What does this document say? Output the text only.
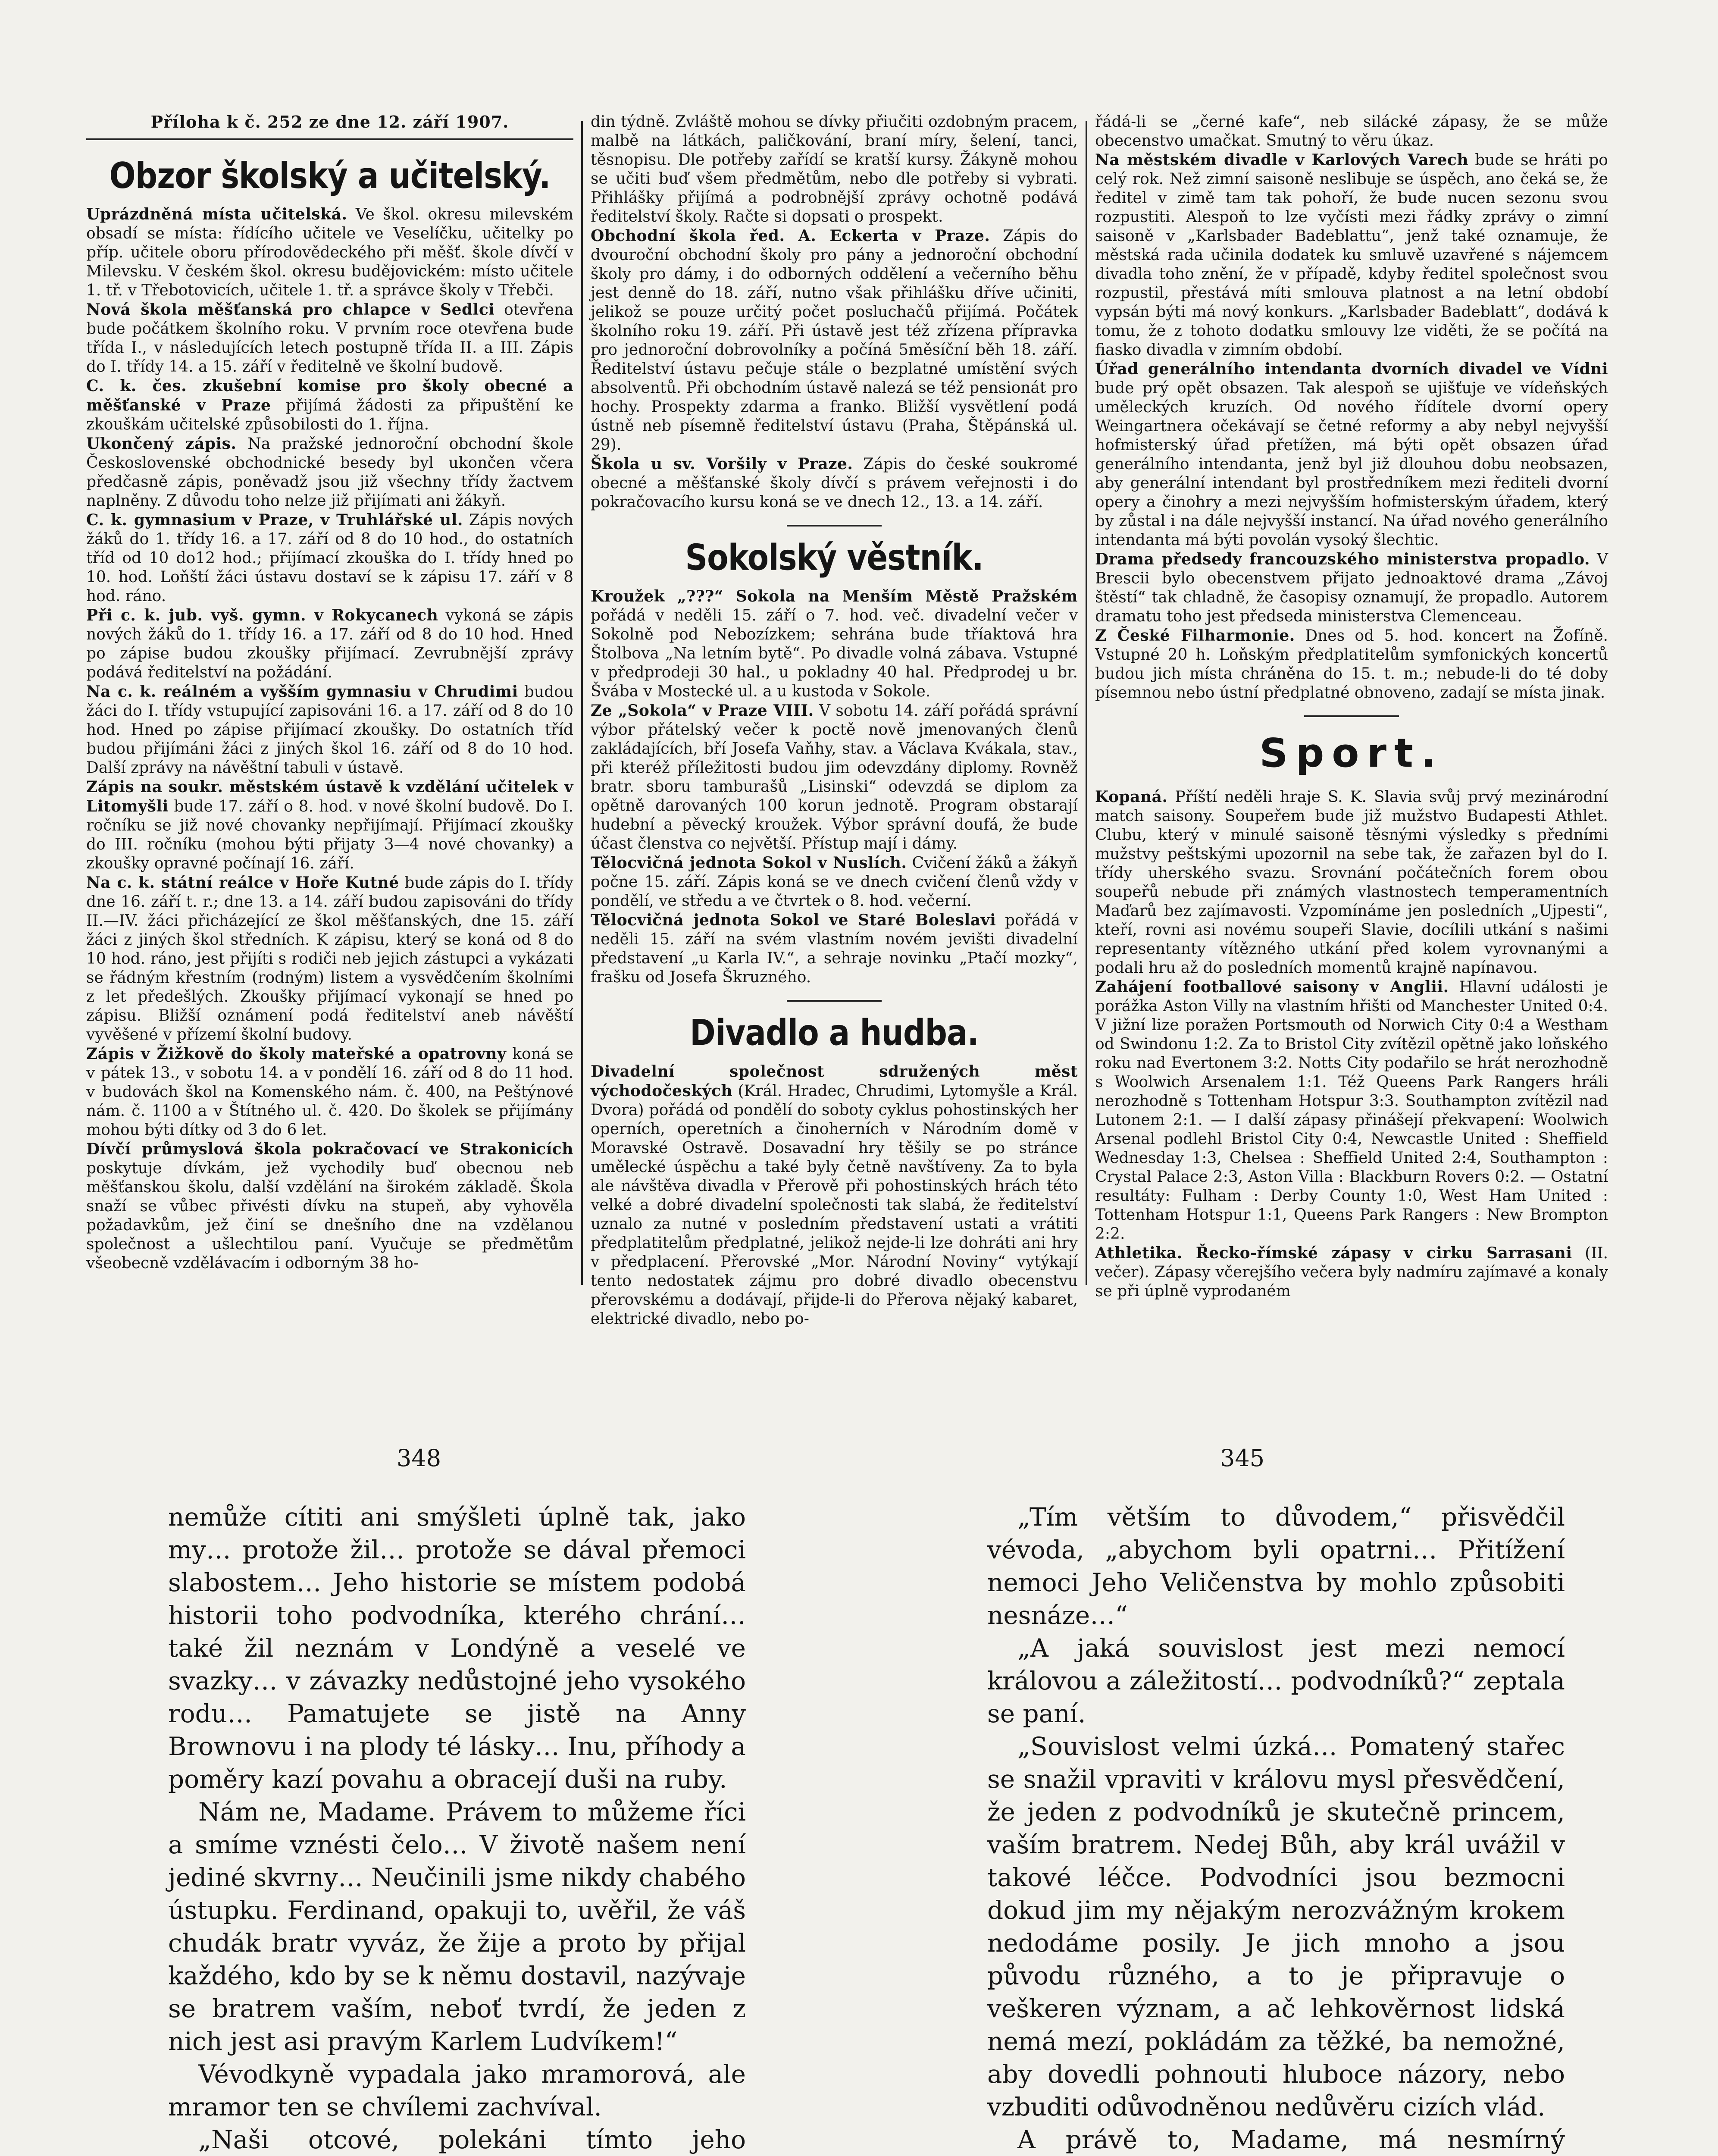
Příloha k č. 252 ze dne 12. září 1907.
Obzor školský a učitelský.

Uprázdněná místa učitelská. Ve škol. okresu milevském obsadí se místa: řídícího učitele ve Veselíčku, učitelky po příp. učitele oboru přírodovědeckého při měšť. škole dívčí v Milevsku. V českém škol. okresu budějovickém: místo učitele 1. tř. v Třebotovicích, učitele 1. tř. a správce školy v Třebči.

Nová škola měšťanská pro chlapce v Sedlci otevřena bude počátkem školního roku. V prvním roce otevřena bude třída I., v následujících letech postupně třída II. a III. Zápis do I. třídy 14. a 15. září v ředitelně ve školní budově.

C. k. čes. zkušební komise pro školy obecné a měšťanské v Praze přijímá žádosti za připuštění ke zkouškám učitelské způsobilosti do 1. října.

Ukončený zápis. Na pražské jednoroční obchodní škole Československé obchodnické besedy byl ukončen včera předčasně zápis, poněvadž jsou již všechny třídy žactvem naplněny. Z důvodu toho nelze již přijímati ani žákyň.

C. k. gymnasium v Praze, v Truhlářské ul. Zápis nových žáků do 1. třídy 16. a 17. září od 8 do 10 hod., do ostatních tříd od 10 do12 hod.; přijímací zkouška do I. třídy hned po 10. hod. Loňští žáci ústavu dostaví se k zápisu 17. září v 8 hod. ráno.

Při c. k. jub. vyš. gymn. v Rokycanech vykoná se zápis nových žáků do 1. třídy 16. a 17. září od 8 do 10 hod. Hned po zápise budou zkoušky přijímací. Zevrubnější zprávy podává ředitelství na požádání.

Na c. k. reálném a vyšším gymnasiu v Chrudimi budou žáci do I. třídy vstupující zapisováni 16. a 17. září od 8 do 10 hod. Hned po zápise přijímací zkoušky. Do ostatních tříd budou přijímáni žáci z jiných škol 16. září od 8 do 10 hod. Další zprávy na návěštní tabuli v ústavě.

Zápis na soukr. městském ústavě k vzdělání učitelek v Litomyšli bude 17. září o 8. hod. v nové školní budově. Do I. ročníku se již nové chovanky nepřijímají. Přijímací zkoušky do III. ročníku (mohou býti přijaty 3—4 nové chovanky) a zkoušky opravné počínají 16. září.

Na c. k. státní reálce v Hoře Kutné bude zápis do I. třídy dne 16. září t. r.; dne 13. a 14. září budou zapisováni do třídy II.—IV. žáci přicházející ze škol měšťanských, dne 15. září žáci z jiných škol středních. K zápisu, který se koná od 8 do 10 hod. ráno, jest přijíti s rodiči neb jejich zástupci a vykázati se řádným křestním (rodným) listem a vysvědčením školními z let předešlých. Zkoušky přijímací vykonají se hned po zápisu. Bližší oznámení podá ředitelství aneb návěští vyvěšené v přízemí školní budovy.

Zápis v Žižkově do školy mateřské a opatrovny koná se v pátek 13., v sobotu 14. a v pondělí 16. září od 8 do 11 hod. v budovách škol na Komenského nám. č. 400, na Peštýnové nám. č. 1100 a v Štítného ul. č. 420. Do školek se přijímány mohou býti dítky od 3 do 6 let.

Dívčí průmyslová škola pokračovací ve Strakonicích poskytuje dívkám, jež vychodily buď obecnou neb měšťanskou školu, další vzdělání na širokém základě. Škola snaží se vůbec přivésti dívku na stupeň, aby vyhověla požadavkům, jež činí se dnešního dne na vzdělanou společnost a ušlechtilou paní. Vyučuje se předmětům všeobecně vzdělávacím i odborným 38 ho-

din týdně. Zvláště mohou se dívky přiučiti ozdobným pracem, malbě na látkách, paličkování, braní míry, šelení, tanci, těsnopisu. Dle potřeby zařídí se kratší kursy. Žákyně mohou se učiti buď všem předmětům, nebo dle potřeby si vybrati. Přihlášky přijímá a podrobnější zprávy ochotně podává ředitelství školy. Račte si dopsati o prospekt.

Obchodní škola řed. A. Eckerta v Praze. Zápis do dvouroční obchodní školy pro pány a jednoroční obchodní školy pro dámy, i do odborných oddělení a večerního běhu jest denně do 18. září, nutno však přihlášku dříve učiniti, jelikož se pouze určitý počet posluchačů přijímá. Počátek školního roku 19. září. Při ústavě jest též zřízena přípravka pro jednoroční dobrovolníky a počíná 5měsíční běh 18. září. Ředitelství ústavu pečuje stále o bezplatné umístění svých absolventů. Při obchodním ústavě nalezá se též pensionát pro hochy. Prospekty zdarma a franko. Bližší vysvětlení podá ústně neb písemně ředitelství ústavu (Praha, Štěpánská ul. 29).

Škola u sv. Voršily v Praze. Zápis do české soukromé obecné a měšťanské školy dívčí s právem veřejnosti i do pokračovacího kursu koná se ve dnech 12., 13. a 14. září.

Sokolský věstník.

Kroužek „???“ Sokola na Menším Městě Pražském pořádá v neděli 15. září o 7. hod. več. divadelní večer v Sokolně pod Nebozízkem; sehrána bude tříaktová hra Štolbova „Na letním bytě“. Po divadle volná zábava. Vstupné v předprodeji 30 hal., u pokladny 40 hal. Předprodej u br. Švába v Mostecké ul. a u kustoda v Sokole.

Ze „Sokola“ v Praze VIII. V sobotu 14. září pořádá správní výbor přátelský večer k poctě nově jmenovaných členů zakládajících, bří Josefa Vaňhy, stav. a Václava Kvákala, stav., při kteréž příležitosti budou jim odevzdány diplomy. Rovněž bratr. sboru tamburašů „Lisinski“ odevzdá se diplom za opětně darovaných 100 korun jednotě. Program obstarají hudební a pěvecký kroužek. Výbor správní doufá, že bude účast členstva co největší. Přístup mají i dámy.

Tělocvičná jednota Sokol v Nuslích. Cvičení žáků a žákyň počne 15. září. Zápis koná se ve dnech cvičení členů vždy v pondělí, ve středu a ve čtvrtek o 8. hod. večerní.

Tělocvičná jednota Sokol ve Staré Boleslavi pořádá v neděli 15. září na svém vlastním novém jevišti divadelní představení „u Karla IV.“, a sehraje novinku „Ptačí mozky“, frašku od Josefa Škruzného.

Divadlo a hudba.

Divadelní společnost sdružených měst východočeských (Král. Hradec, Chrudimi, Lytomyšle a Král. Dvora) pořádá od pondělí do soboty cyklus pohostinských her operních, operetních a činoherních v Národním domě v Moravské Ostravě. Dosavadní hry těšily se po stránce umělecké úspěchu a také byly četně navštíveny. Za to byla ale návštěva divadla v Přerově při pohostinských hrách této velké a dobré divadelní společnosti tak slabá, že ředitelství uznalo za nutné v posledním představení ustati a vrátiti předplatitelům předplatné, jelikož nejde-li lze dohráti ani hry v předplacení. Přerovské „Mor. Národní Noviny“ vytýkají tento nedostatek zájmu pro dobré divadlo obecenstvu přerovskému a dodávají, přijde-li do Přerova nějaký kabaret, elektrické divadlo, nebo po-

řádá-li se „černé kafe“, neb silácké zápasy, že se může obecenstvo umačkat. Smutný to věru úkaz.

Na městském divadle v Karlových Varech bude se hráti po celý rok. Než zimní saisoně neslibuje se úspěch, ano čeká se, že ředitel v zimě tam tak pohoří, že bude nucen sezonu svou rozpustiti. Alespoň to lze vyčísti mezi řádky zprávy o zimní saisoně v „Karlsbader Badeblattu“, jenž také oznamuje, že městská rada učinila dodatek ku smluvě uzavřené s nájemcem divadla toho znění, že v případě, kdyby ředitel společnost svou rozpustil, přestává míti smlouva platnost a na letní období vypsán býti má nový konkurs. „Karlsbader Badeblatt“, dodává k tomu, že z tohoto dodatku smlouvy lze viděti, že se počítá na fiasko divadla v zimním období.

Úřad generálního intendanta dvorních divadel ve Vídni bude prý opět obsazen. Tak alespoň se ujišťuje ve vídeňských uměleckých kruzích. Od nového řídítele dvorní opery Weingartnera očekávají se četné reformy a aby nebyl nejvyšší hofmisterský úřad přetížen, má býti opět obsazen úřad generálního intendanta, jenž byl již dlouhou dobu neobsazen, aby generální intendant byl prostředníkem mezi řediteli dvorní opery a činohry a mezi nejvyšším hofmisterským úřadem, který by zůstal i na dále nejvyšší instancí. Na úřad nového generálního intendanta má býti povolán vysoký šlechtic.

Drama předsedy francouzského ministerstva propadlo. V Brescii bylo obecenstvem přijato jednoaktové drama „Závoj štěstí“ tak chladně, že časopisy oznamují, že propadlo. Autorem dramatu toho jest předseda ministerstva Clemenceau.

Z České Filharmonie. Dnes od 5. hod. koncert na Žofíně. Vstupné 20 h. Loňským předplatitelům symfonických koncertů budou jich místa chráněna do 15. t. m.; nebude-li do té doby písemnou nebo ústní předplatné obnoveno, zadají se místa jinak.

Sport.

Kopaná. Příští neděli hraje S. K. Slavia svůj prvý mezinárodní match saisony. Soupeřem bude již mužstvo Budapesti Athlet. Clubu, který v minulé saisoně těsnými výsledky s předními mužstvy peštskými upozornil na sebe tak, že zařazen byl do I. třídy uherského svazu. Srovnání počátečních forem obou soupeřů nebude při známých vlastnostech temperamentních Maďarů bez zajímavosti. Vzpomínáme jen posledních „Ujpesti“, kteří, rovni asi novému soupeři Slavie, docílili utkání s našimi representanty vítězného utkání před kolem vyrovnanými a podali hru až do posledních momentů krajně napínavou.

Zahájení footballové saisony v Anglii. Hlavní události je porážka Aston Villy na vlastním hřišti od Manchester United 0:4. V jižní lize poražen Portsmouth od Norwich City 0:4 a Westham od Swindonu 1:2. Za to Bristol City zvítězil opětně jako loňského roku nad Evertonem 3:2. Notts City podařilo se hrát nerozhodně s Woolwich Arsenalem 1:1. Též Queens Park Rangers hráli nerozhodně s Tottenham Hotspur 3:3. Southampton zvítězil nad Lutonem 2:1. — I další zápasy přinášejí překvapení: Woolwich Arsenal podlehl Bristol City 0:4, Newcastle United : Sheffield Wednesday 1:3, Chelsea : Sheffield United 2:4, Southampton : Crystal Palace 2:3, Aston Villa : Blackburn Rovers 0:2. — Ostatní resultáty: Fulham : Derby County 1:0, West Ham United : Tottenham Hotspur 1:1, Queens Park Rangers : New Brompton 2:2.

Athletika. Řecko-římské zápasy v cirku Sarrasani (II. večer). Zápasy včerejšího večera byly nadmíru zajímavé a konaly se při úplně vyprodaném

348	345

nemůže cítiti ani smýšleti úplně tak, jako my… protože žil… protože se dával přemoci slabostem… Jeho historie se místem podobá historii toho podvodníka, kterého chrání… také žil neznám v Londýně a veselé ve svazky… v závazky nedůstojné jeho vysokého rodu… Pamatujete se jistě na Anny Brownovu i na plody té lásky… Inu, příhody a poměry kazí povahu a obracejí duši na ruby.

Nám ne, Madame. Právem to můžeme říci a smíme vznésti čelo… V životě našem není jediné skvrny… Neučinili jsme nikdy chabého ústupku. Ferdinand, opakuji to, uvěřil, že váš chudák bratr vyváz, že žije a proto by přijal každého, kdo by se k němu dostavil, nazývaje se bratrem vaším, neboť tvrdí, že jeden z nich jest asi pravým Karlem Ludvíkem!“

Vévodkyně vypadala jako mramorová, ale mramor ten se chvílemi zachvíval.

„Naši otcové, polekáni tímto jeho

„Tím větším to důvodem,“ přisvědčil vévoda, „abychom byli opatrni… Přitížení nemoci Jeho Veličenstva by mohlo způsobiti nesnáze…“

„A jaká souvislost jest mezi nemocí královou a záležitostí… podvodníků?“ zeptala se paní.

„Souvislost velmi úzká… Pomatený stařec se snažil vpraviti v královu mysl přesvědčení, že jeden z podvodníků je skutečně princem, vaším bratrem. Nedej Bůh, aby král uvážil v takové léčce. Podvodníci jsou bezmocni dokud jim my nějakým nerozvážným krokem nedodáme posily. Je jich mnoho a jsou původu různého, a to je připravuje o veškeren význam, a ač lehkověrnost lidská nemá mezí, pokládám za těžké, ba nemožné, aby dovedli pohnouti hluboce názory, nebo vzbuditi odůvodněnou nedůvěru cizích vlád.

A právě to, Madame, má nesmírný
